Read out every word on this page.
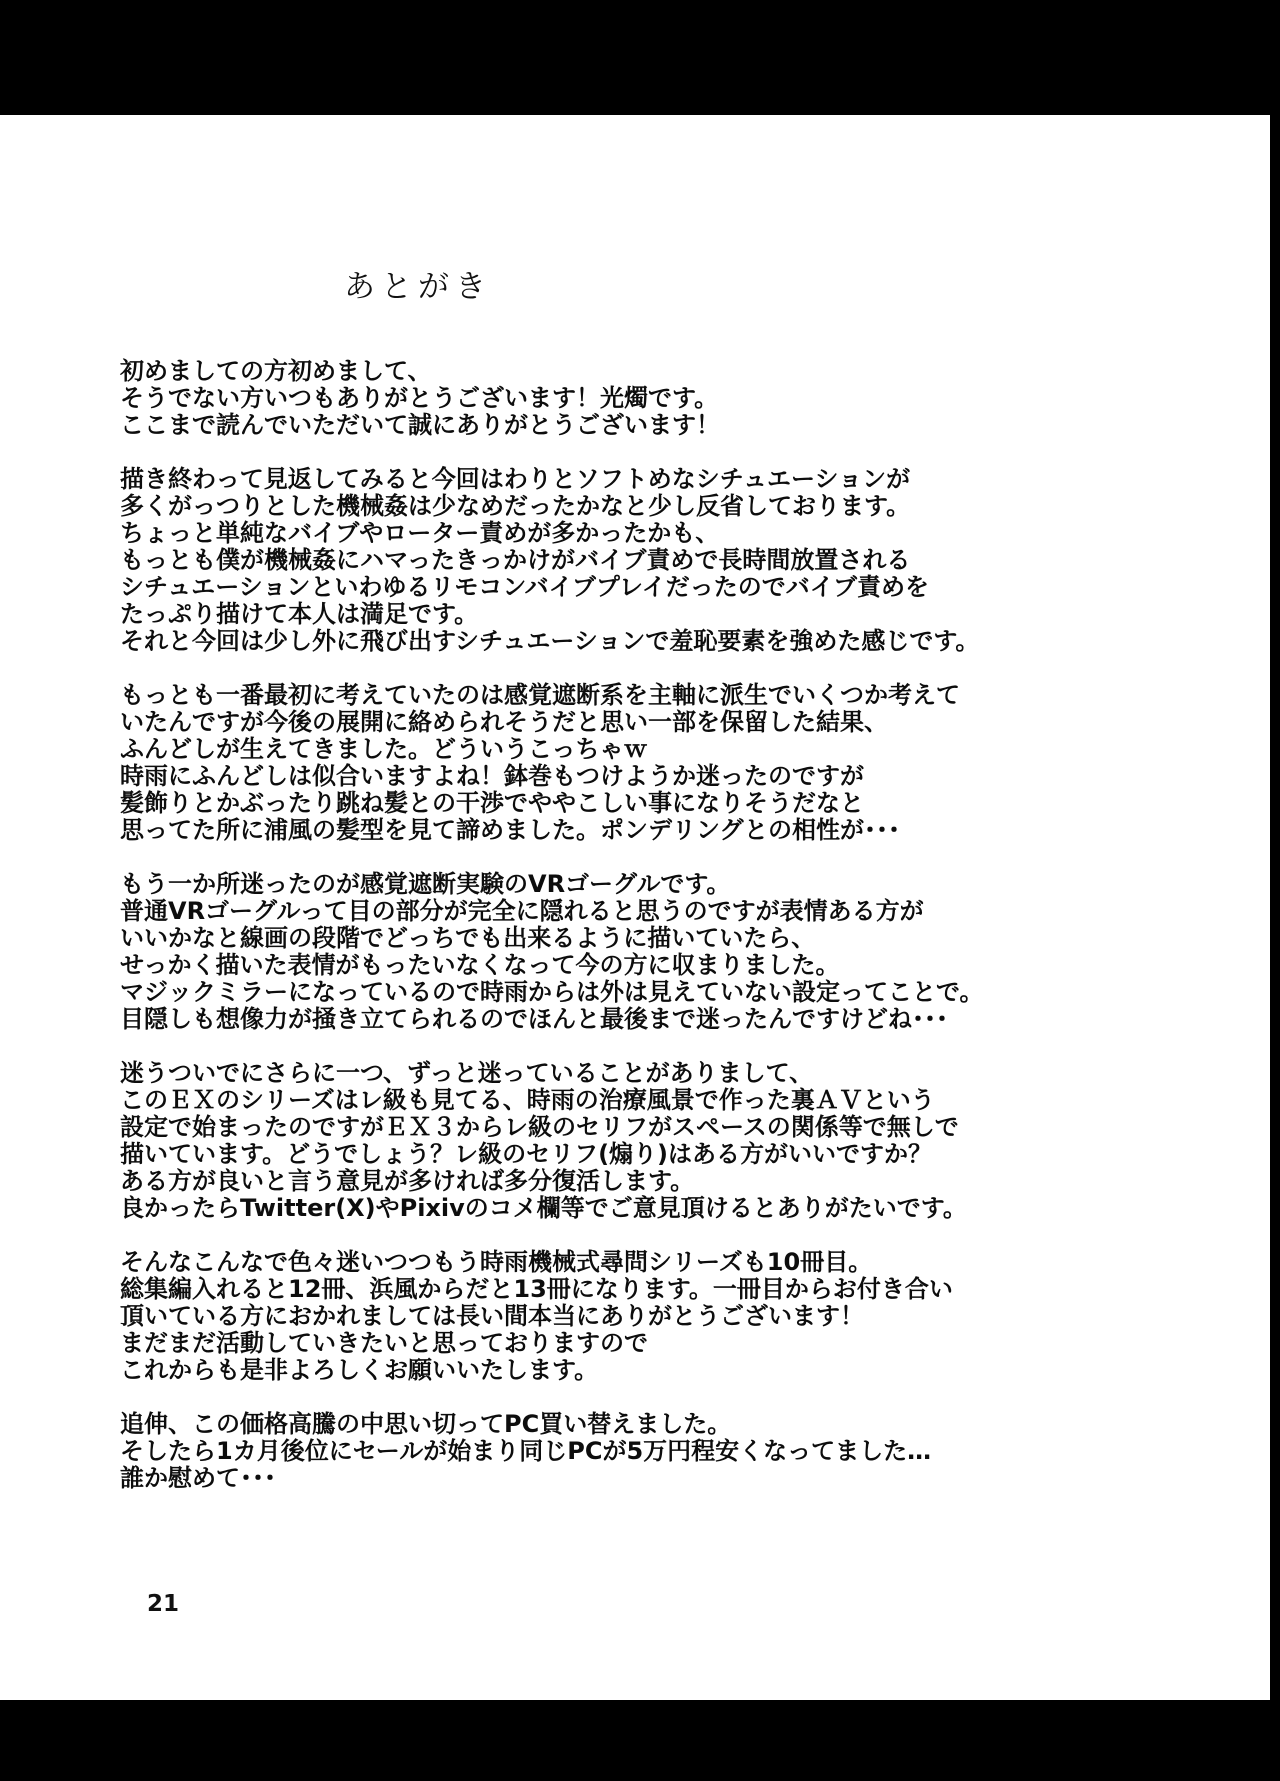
あとがき
初めましての方初めまして、
そうでない方いつもありがとうございます！光燭です。
ここまで読んでいただいて誠にありがとうございます！
描き終わって見返してみると今回はわりとソフトめなシチュエーションが
多くがっつりとした機械姦は少なめだったかなと少し反省しております。
ちょっと単純なバイブやローター責めが多かったかも、
もっとも僕が機械姦にハマったきっかけがバイブ責めで長時間放置される
シチュエーションといわゆるリモコンバイブプレイだったのでバイブ責めを
たっぷり描けて本人は満足です。
それと今回は少し外に飛び出すシチュエーションで羞恥要素を強めた感じです。
もっとも一番最初に考えていたのは感覚遮断系を主軸に派生でいくつか考えて
いたんですが今後の展開に絡められそうだと思い一部を保留した結果、
ふんどしが生えてきました。どういうこっちゃｗ
時雨にふんどしは似合いますよね！鉢巻もつけようか迷ったのですが
髪飾りとかぶったり跳ね髪との干渉でややこしい事になりそうだなと
思ってた所に浦風の髪型を見て諦めました。ポンデリングとの相性が･･･
もう一か所迷ったのが感覚遮断実験のVRゴーグルです。
普通VRゴーグルって目の部分が完全に隠れると思うのですが表情ある方が
いいかなと線画の段階でどっちでも出来るように描いていたら、
せっかく描いた表情がもったいなくなって今の方に収まりました。
マジックミラーになっているので時雨からは外は見えていない設定ってことで。
目隠しも想像力が掻き立てられるのでほんと最後まで迷ったんですけどね･･･
迷うついでにさらに一つ、ずっと迷っていることがありまして、
このＥＸのシリーズはレ級も見てる、時雨の治療風景で作った裏ＡＶという
設定で始まったのですがＥＸ３からレ級のセリフがスペースの関係等で無しで
描いています。どうでしょう？レ級のセリフ(煽り)はある方がいいですか？
ある方が良いと言う意見が多ければ多分復活します。
良かったらTwitter(X)やPixivのコメ欄等でご意見頂けるとありがたいです。
そんなこんなで色々迷いつつもう時雨機械式尋問シリーズも10冊目。
総集編入れると12冊、浜風からだと13冊になります。一冊目からお付き合い
頂いている方におかれましては長い間本当にありがとうございます！
まだまだ活動していきたいと思っておりますので
これからも是非よろしくお願いいたします。
追伸、この価格高騰の中思い切ってPC買い替えました。
そしたら1カ月後位にセールが始まり同じPCが5万円程安くなってました…
誰か慰めて･･･
21
